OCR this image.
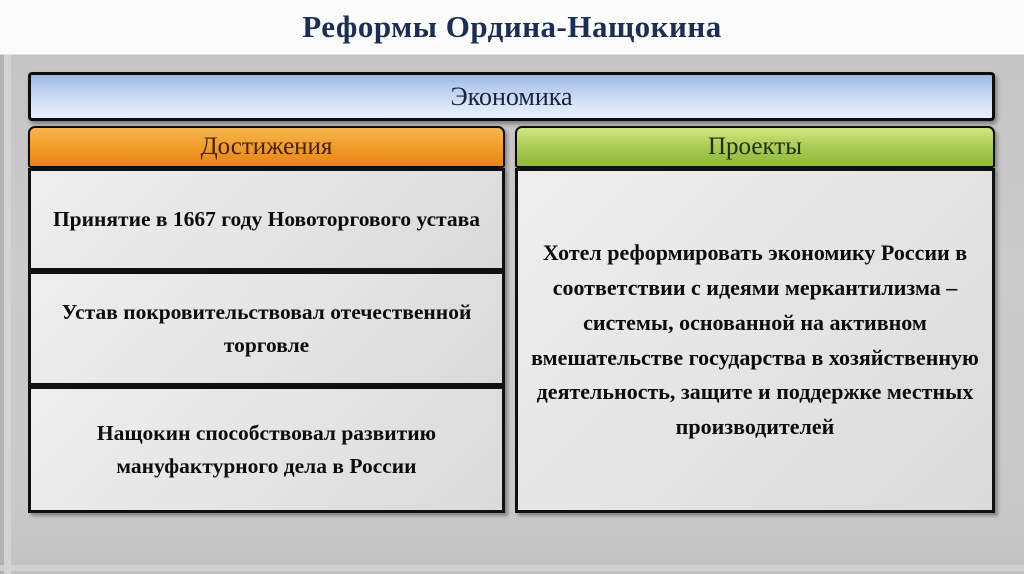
Реформы Ордина-Нащокина
Экономика
Достижения	Проекты

Принятие в 1667 году Новоторгового устава

Устав покровительствовал отечественной торговле

Нащокин способствовал развитию мануфактурного дела в России

Хотел реформировать экономику России в соответствии с идеями меркантилизма – системы, основанной на активном вмешательстве государства в хозяйственную деятельность, защите и поддержке местных производителей
